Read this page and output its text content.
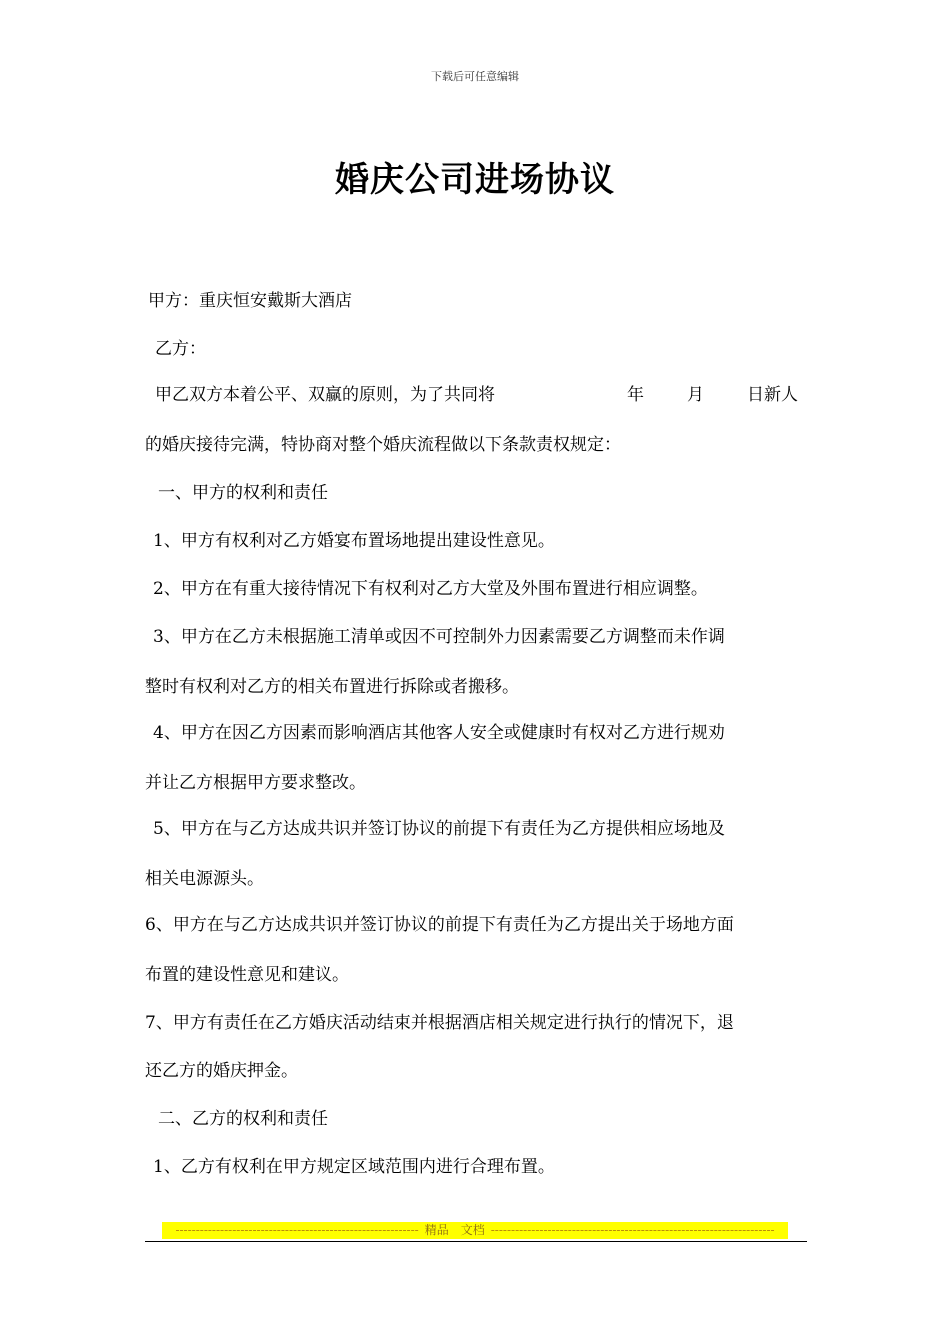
下载后可任意编辑
婚庆公司进场协议
甲方：重庆恒安戴斯大酒店
乙方：
甲乙双方本着公平、双赢的原则，为了共同将	年	月	日新人
的婚庆接待完满，特协商对整个婚庆流程做以下条款责权规定：
一、甲方的权利和责任
1、甲方有权利对乙方婚宴布置场地提出建设性意见。
2、甲方在有重大接待情况下有权利对乙方大堂及外围布置进行相应调整。
3、甲方在乙方未根据施工清单或因不可控制外力因素需要乙方调整而未作调
整时有权利对乙方的相关布置进行拆除或者搬移。
4、甲方在因乙方因素而影响酒店其他客人安全或健康时有权对乙方进行规劝
并让乙方根据甲方要求整改。
5、甲方在与乙方达成共识并签订协议的前提下有责任为乙方提供相应场地及
相关电源源头。
6、甲方在与乙方达成共识并签订协议的前提下有责任为乙方提出关于场地方面
布置的建设性意见和建议。
7、甲方有责任在乙方婚庆活动结束并根据酒店相关规定进行执行的情况下，退
还乙方的婚庆押金。
二、乙方的权利和责任
1、乙方有权利在甲方规定区域范围内进行合理布置。
------------------------------------------------------------ 精品　文档 ----------------------------------------------------------------------
